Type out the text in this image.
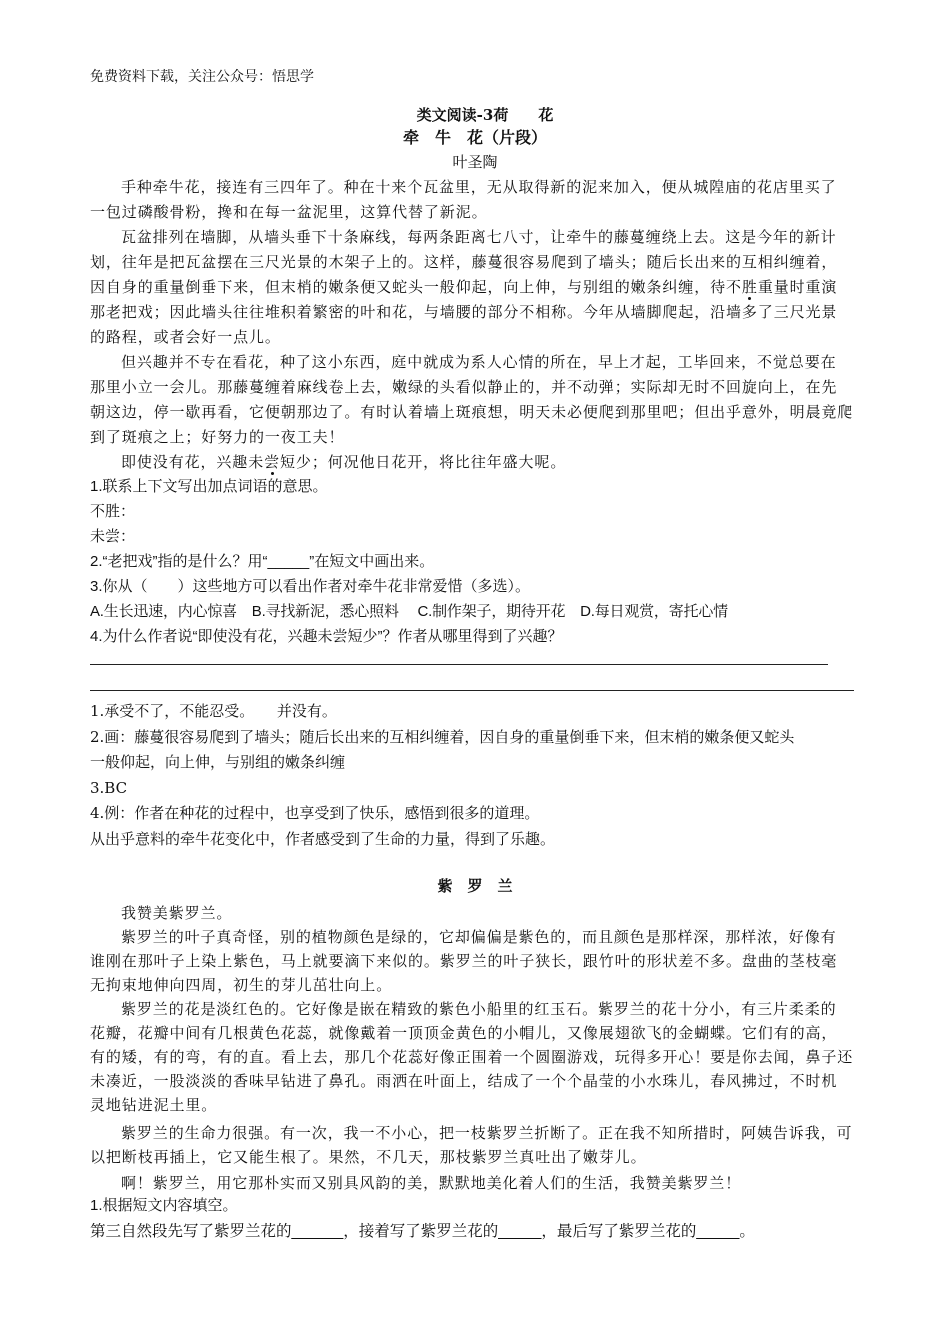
免费资料下载，关注公众号：悟思学
类文阅读-3荷　　花
牵　牛　花（片段）
叶圣陶
手种牵牛花，接连有三四年了。种在十来个瓦盆里，无从取得新的泥来加入，便从城隍庙的花店里买了
一包过磷酸骨粉，搀和在每一盆泥里，这算代替了新泥。
瓦盆排列在墙脚，从墙头垂下十条麻线，每两条距离七八寸，让牵牛的藤蔓缠绕上去。这是今年的新计
划，往年是把瓦盆摆在三尺光景的木架子上的。这样，藤蔓很容易爬到了墙头；随后长出来的互相纠缠着，
因自身的重量倒垂下来，但末梢的嫩条便又蛇头一般仰起，向上伸，与别组的嫩条纠缠，待不胜重量时重演
那老把戏；因此墙头往往堆积着繁密的叶和花，与墙腰的部分不相称。今年从墙脚爬起，沿墙多了三尺光景
的路程，或者会好一点儿。
但兴趣并不专在看花，种了这小东西，庭中就成为系人心情的所在，早上才起，工毕回来，不觉总要在
那里小立一会儿。那藤蔓缠着麻线卷上去，嫩绿的头看似静止的，并不动弹；实际却无时不回旋向上，在先
朝这边，停一歇再看，它便朝那边了。有时认着墙上斑痕想，明天未必便爬到那里吧；但出乎意外，明晨竟爬
到了斑痕之上；好努力的一夜工夫！
即使没有花，兴趣未尝短少；何况他日花开，将比往年盛大呢。
1.联系上下文写出加点词语的意思。
不胜：
未尝：
2.“老把戏”指的是什么？用“_____”在短文中画出来。
3.你从（　　）这些地方可以看出作者对牵牛花非常爱惜（多选）。
A.生长迅速，内心惊喜　B.寻找新泥，悉心照料　 C.制作架子，期待开花　D.每日观赏，寄托心情
4.为什么作者说“即使没有花，兴趣未尝短少”？作者从哪里得到了兴趣？
1.承受不了，不能忍受。　　并没有。
2.画：藤蔓很容易爬到了墙头；随后长出来的互相纠缠着，因自身的重量倒垂下来，但末梢的嫩条便又蛇头
一般仰起，向上伸，与别组的嫩条纠缠
3.BC
4.例：作者在种花的过程中，也享受到了快乐，感悟到很多的道理。
从出乎意料的牵牛花变化中，作者感受到了生命的力量，得到了乐趣。
紫　罗　兰
我赞美紫罗兰。
紫罗兰的叶子真奇怪，别的植物颜色是绿的，它却偏偏是紫色的，而且颜色是那样深，那样浓，好像有
谁刚在那叶子上染上紫色，马上就要滴下来似的。紫罗兰的叶子狭长，跟竹叶的形状差不多。盘曲的茎枝毫
无拘束地伸向四周，初生的芽儿茁壮向上。
紫罗兰的花是淡红色的。它好像是嵌在精致的紫色小船里的红玉石。紫罗兰的花十分小，有三片柔柔的
花瓣，花瓣中间有几根黄色花蕊，就像戴着一顶顶金黄色的小帽儿，又像展翅欲飞的金蝴蝶。它们有的高，
有的矮，有的弯，有的直。看上去，那几个花蕊好像正围着一个圆圈游戏，玩得多开心！要是你去闻，鼻子还
未凑近，一股淡淡的香味早钻进了鼻孔。雨洒在叶面上，结成了一个个晶莹的小水珠儿，春风拂过，不时机
灵地钻进泥土里。
紫罗兰的生命力很强。有一次，我一不小心，把一枝紫罗兰折断了。正在我不知所措时，阿姨告诉我，可
以把断枝再插上，它又能生根了。果然，不几天，那枝紫罗兰真吐出了嫩芽儿。
啊！紫罗兰，用它那朴实而又别具风韵的美，默默地美化着人们的生活，我赞美紫罗兰！
1.根据短文内容填空。
第三自然段先写了紫罗兰花的______，接着写了紫罗兰花的_____，最后写了紫罗兰花的_____。
